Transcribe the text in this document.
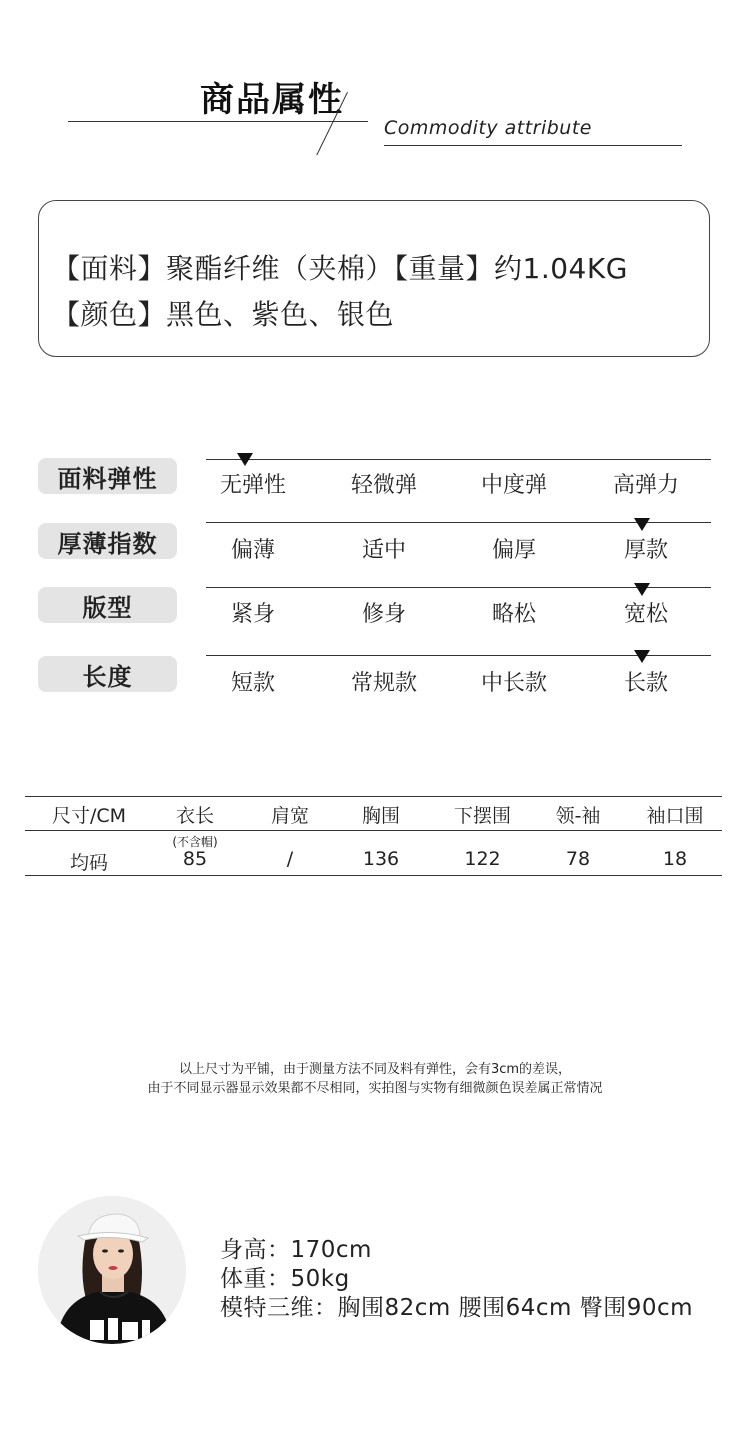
商品属性
Commodity attribute
【面料】聚酯纤维（夹棉）【重量】约1.04KG
【颜色】黑色、紫色、银色
面料弹性	无弹性	轻微弹	中度弹	高弹力
厚薄指数	偏薄	适中	偏厚	厚款
版型	紧身	修身	略松	宽松
长度	短款	常规款	中长款	长款
尺寸/CM	衣长	肩宽	胸围	下摆围	领-袖	袖口围
(不含帽)
均码	85	/	136	122	78	18
以上尺寸为平铺，由于测量方法不同及料有弹性，会有3cm的差误，
由于不同显示器显示效果都不尽相同，实拍图与实物有细微颜色误差属正常情况
身高：170cm
体重：50kg
模特三维：胸围82cm 腰围64cm 臀围90cm
